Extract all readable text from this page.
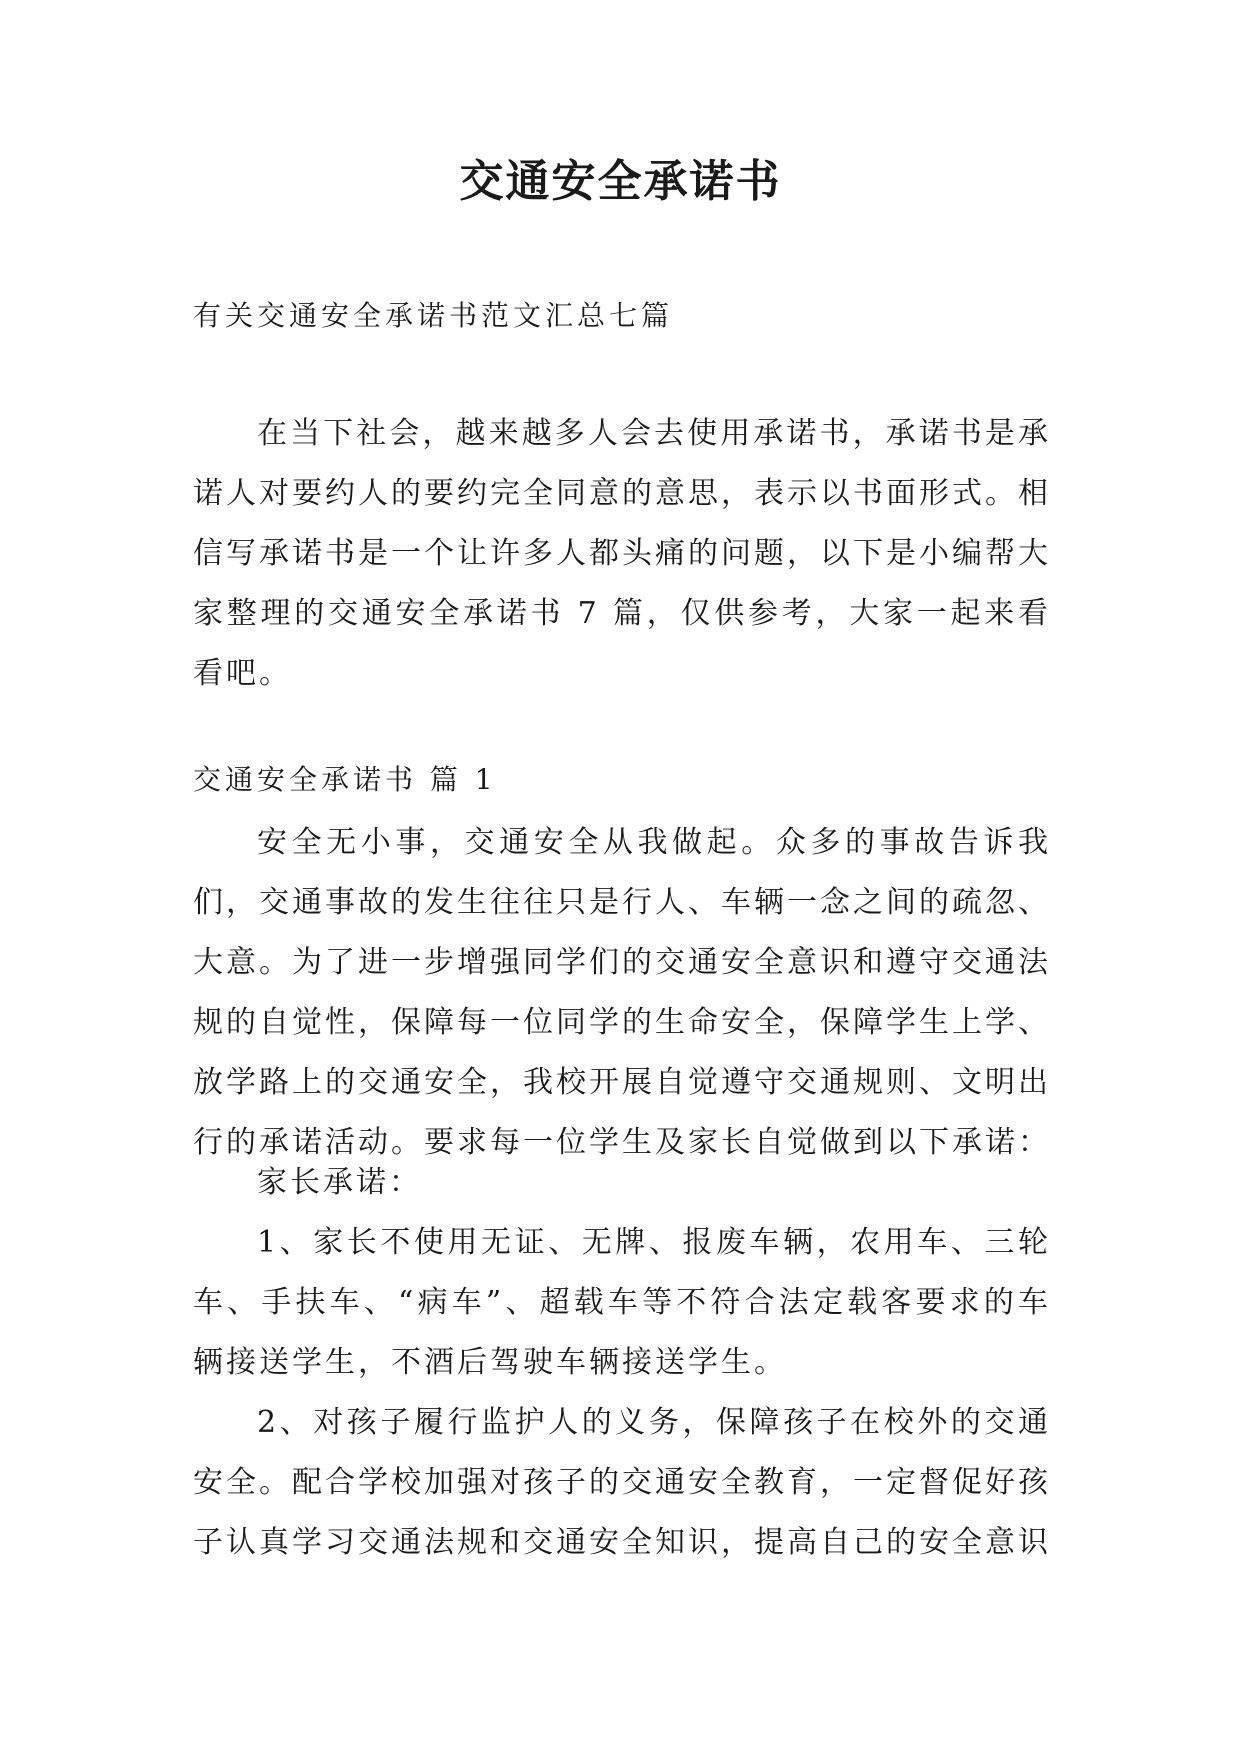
交通安全承诺书

有关交通安全承诺书范文汇总七篇

在当下社会，越来越多人会去使用承诺书，承诺书是承诺人对要约人的要约完全同意的意思，表示以书面形式。相信写承诺书是一个让许多人都头痛的问题，以下是小编帮大家整理的交通安全承诺书 7 篇，仅供参考，大家一起来看看吧。

交通安全承诺书 篇 1

安全无小事，交通安全从我做起。众多的事故告诉我们，交通事故的发生往往只是行人、车辆一念之间的疏忽、大意。为了进一步增强同学们的交通安全意识和遵守交通法规的自觉性，保障每一位同学的生命安全，保障学生上学、放学路上的交通安全，我校开展自觉遵守交通规则、文明出行的承诺活动。要求每一位学生及家长自觉做到以下承诺：

家长承诺：

1、家长不使用无证、无牌、报废车辆，农用车、三轮车、手扶车、“病车”、超载车等不符合法定载客要求的车辆接送学生，不酒后驾驶车辆接送学生。

2、对孩子履行监护人的义务，保障孩子在校外的交通安全。配合学校加强对孩子的交通安全教育，一定督促好孩子认真学习交通法规和交通安全知识，提高自己的安全意识
